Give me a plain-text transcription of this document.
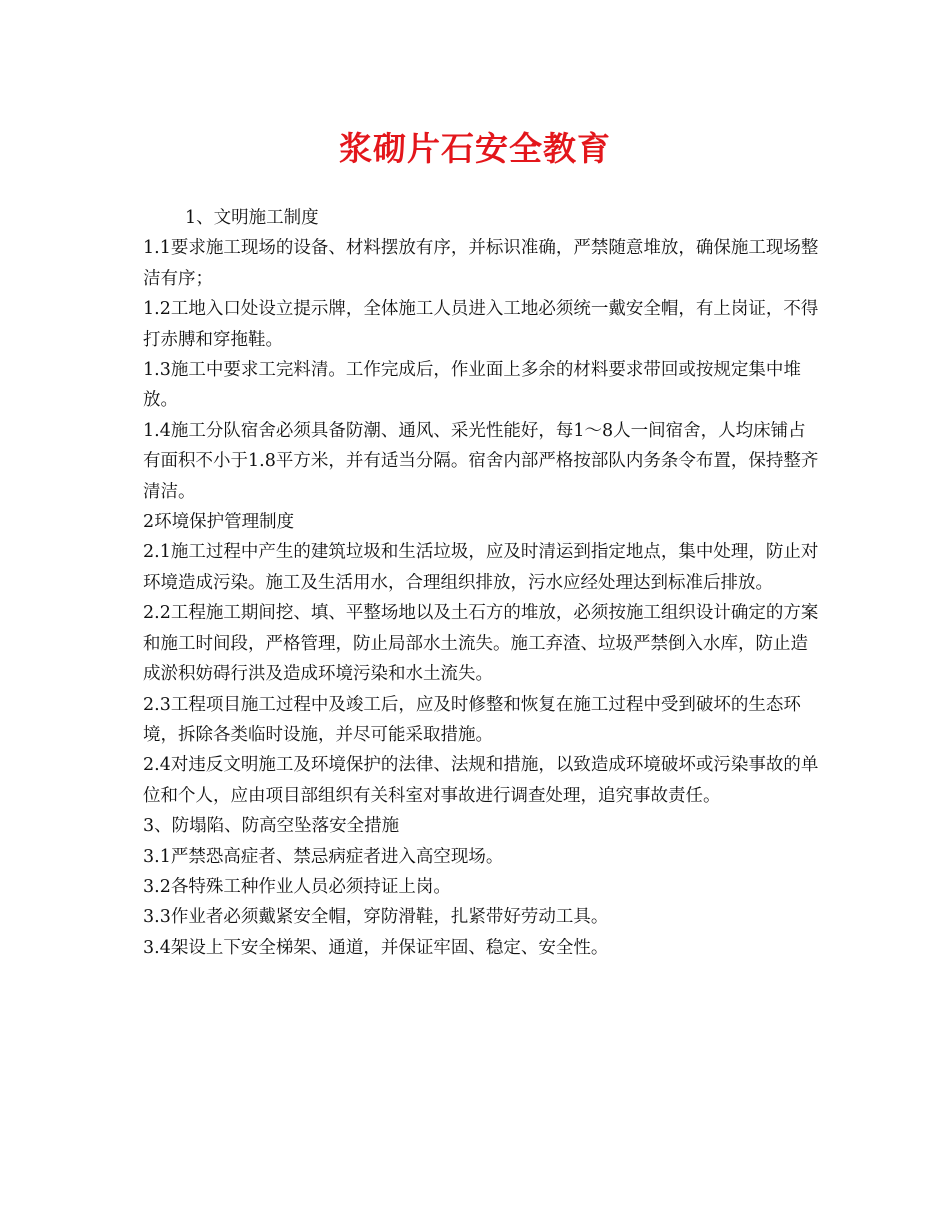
浆砌片石安全教育

1、文明施工制度

1.1要求施工现场的设备、材料摆放有序，并标识准确，严禁随意堆放，确保施工现场整洁有序；

1.2工地入口处设立提示牌，全体施工人员进入工地必须统一戴安全帽，有上岗证，不得打赤膊和穿拖鞋。

1.3施工中要求工完料清。工作完成后，作业面上多余的材料要求带回或按规定集中堆放。

1.4施工分队宿舍必须具备防潮、通风、采光性能好，每1～8人一间宿舍，人均床铺占有面积不小于1.8平方米，并有适当分隔。宿舍内部严格按部队内务条令布置，保持整齐清洁。

2环境保护管理制度

2.1施工过程中产生的建筑垃圾和生活垃圾，应及时清运到指定地点，集中处理，防止对环境造成污染。施工及生活用水，合理组织排放，污水应经处理达到标准后排放。

2.2工程施工期间挖、填、平整场地以及土石方的堆放，必须按施工组织设计确定的方案和施工时间段，严格管理，防止局部水土流失。施工弃渣、垃圾严禁倒入水库，防止造成淤积妨碍行洪及造成环境污染和水土流失。

2.3工程项目施工过程中及竣工后，应及时修整和恢复在施工过程中受到破坏的生态环境，拆除各类临时设施，并尽可能采取措施。

2.4对违反文明施工及环境保护的法律、法规和措施，以致造成环境破坏或污染事故的单位和个人，应由项目部组织有关科室对事故进行调查处理，追究事故责任。

3、防塌陷、防高空坠落安全措施

3.1严禁恐高症者、禁忌病症者进入高空现场。

3.2各特殊工种作业人员必须持证上岗。

3.3作业者必须戴紧安全帽，穿防滑鞋，扎紧带好劳动工具。

3.4架设上下安全梯架、通道，并保证牢固、稳定、安全性。
